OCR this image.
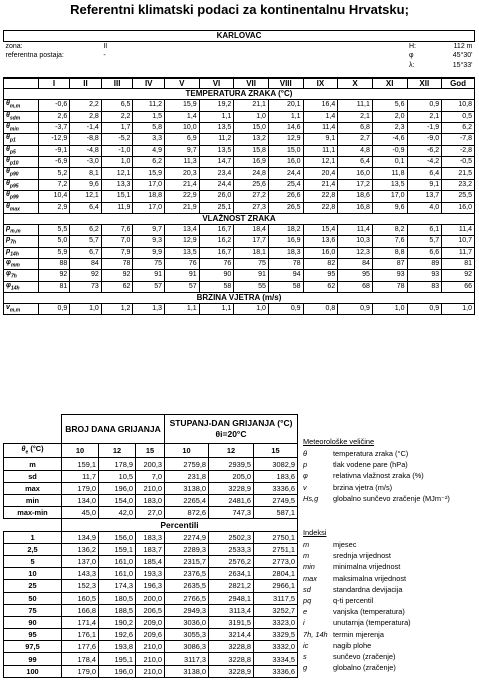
Referentni klimatski podaci za kontinentalnu Hrvatsku;
KARLOVAC													
zona:			II									H:	112 m
referentna postaja:			-									φ	45°30'
												λ:	15°33'

	I	II	III	IV	V	VI	VII	VIII	IX	X	XI	XII	God
TEMPERATURA ZRAKA (°C)													
$\theta_{m,m}$	-0,6	2,2	6,5	11,2	15,9	19,2	21,1	20,1	16,4	11,1	5,6	0,9	10,8
$\theta_{sdm}$	2,6	2,8	2,2	1,5	1,4	1,1	1,0	1,1	1,4	2,1	2,0	2,1	0,5
$\theta_{min}$	-3,7	-1,4	1,7	5,8	10,0	13,5	15,0	14,6	11,4	6,8	2,3	-1,9	6,2
$\theta_{p1}$	-12,9	-8,8	-5,2	3,3	6,9	11,2	13,2	12,9	9,1	2,7	-4,6	-9,0	-7,8
$\theta_{p5}$	-9,1	-4,8	-1,0	4,9	9,7	13,5	15,8	15,0	11,1	4,8	-0,9	-6,2	-2,8
$\theta_{p10}$	-6,9	-3,0	1,0	6,2	11,3	14,7	16,9	16,0	12,1	6,4	0,1	-4,2	-0,5
$\theta_{p90}$	5,2	8,1	12,1	15,9	20,3	23,4	24,8	24,4	20,4	16,0	11,8	6,4	21,5
$\theta_{p95}$	7,2	9,6	13,3	17,0	21,4	24,4	25,6	25,4	21,4	17,2	13,5	9,1	23,2
$\theta_{p99}$	10,4	12,1	15,1	18,8	22,9	26,0	27,2	26,6	22,8	18,6	17,0	13,7	25,5
$\theta_{max}$	2,9	6,4	11,9	17,0	21,9	25,1	27,3	26,5	22,8	16,8	9,6	4,0	16,0
VLAŽNOST ZRAKA													
$p_{m,m}$	5,5	6,2	7,6	9,7	13,4	16,7	18,4	18,2	15,4	11,4	8,2	6,1	11,4
$p_{7h}$	5,0	5,7	7,0	9,3	12,9	16,2	17,7	16,9	13,6	10,3	7,6	5,7	10,7
$p_{14h}$	5,9	6,7	7,9	9,9	13,5	16,7	18,1	18,3	16,0	12,3	8,8	6,6	11,7
$\varphi_{mm}$	88	84	78	75	76	76	75	78	82	84	87	89	81
$\varphi_{7h}$	92	92	92	91	91	90	91	94	95	95	93	93	92
$\varphi_{14h}$	81	73	62	57	57	58	55	58	62	68	78	83	66
BRZINA VJETRA (m/s)													
$v_{m,m}$	0,9	1,0	1,2	1,3	1,1	1,1	1,0	0,9	0,8	0,9	1,0	0,9	1,0
	BROJ DANA GRIJANJA			STUPANJ-DAN GRIJANJA (°C) θi=20°C		
$\theta_e$ (°C)	10	12	15	10	12	15
m	159,1	178,9	200,3	2759,8	2939,5	3082,9
sd	11,7	10,5	7,0	231,8	205,0	183,6
max	179,0	196,0	210,0	3138,0	3228,9	3336,6
min	134,0	154,0	183,0	2265,4	2481,6	2749,5
max-min	45,0	42,0	27,0	872,6	747,3	587,1
	Percentili					
1	134,9	156,0	183,3	2274,9	2502,3	2750,1
2,5	136,2	159,1	183,7	2289,3	2533,3	2751,1
5	137,0	161,0	185,4	2315,7	2576,2	2773,0
10	143,3	161,0	193,3	2376,5	2634,1	2804,1
25	152,3	174,3	196,3	2635,5	2821,2	2966,1
50	160,5	180,5	200,0	2766,5	2948,1	3117,5
75	166,8	188,5	206,5	2949,3	3113,4	3252,7
90	171,4	190,2	209,0	3036,0	3191,5	3323,0
95	176,1	192,6	209,6	3055,3	3214,4	3329,5
97,5	177,6	193,8	210,0	3086,3	3228,8	3332,0
99	178,4	195,1	210,0	3117,3	3228,8	3334,5
100	179,0	196,0	210,0	3138,0	3228,9	3336,6
Meteorološke veličine
θ	temperatura zraka (°C)
p	tlak vodene pare (hPa)
φ	relativna vlažnost zraka (%)
v	brzina vjetra (m/s)
Hs,g	globalno sunčevo zračenje (MJm⁻²)
Indeksi
m	mjesec
m	srednja vrijednost
min	minimalna vrijednost
max	maksimalna vrijednost
sd	standardna devijacija
pq	q-ti percentil
e	vanjska (temperatura)
i	unutarnja (temperatura)
7h, 14h termin mjerenja
ic	nagib plohe
s	sunčevo (zračenje)
g	globalno (zračenje)
